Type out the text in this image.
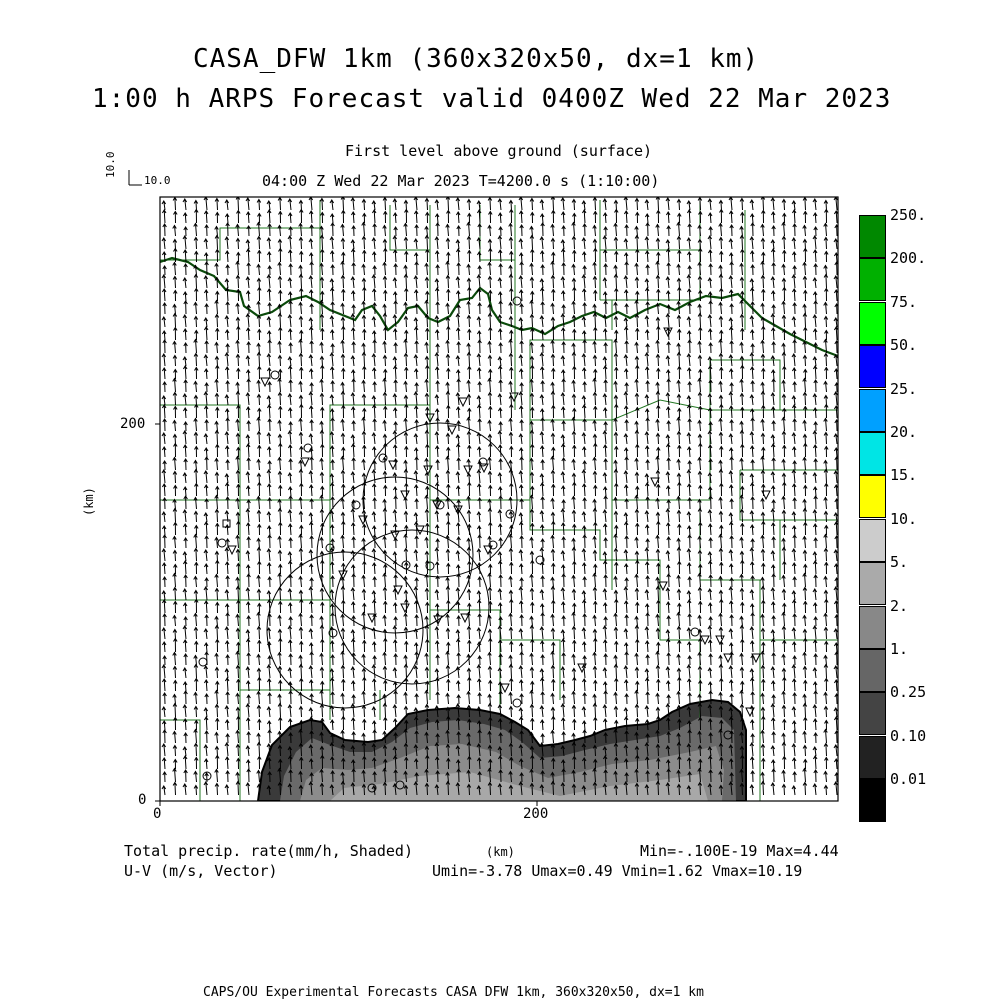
CASA_DFW 1km (360x320x50, dx=1 km)
1:00 h ARPS Forecast valid 0400Z Wed 22 Mar 2023
First level above ground (surface)
04:00 Z Wed 22 Mar 2023 T=4200.0 s (1:10:00)
10.0
10.0
0	200
0
200
(km)
(km)
250.
200.
75.
50.
25.
20.
15.
10.
5.
2.
1.
0.25
0.10
0.01
Total precip. rate(mm/h, Shaded)
U-V (m/s, Vector)
Min=-.100E-19 Max=4.44
Umin=-3.78 Umax=0.49 Vmin=1.62 Vmax=10.19
CAPS/OU Experimental Forecasts CASA DFW 1km, 360x320x50, dx=1 km
